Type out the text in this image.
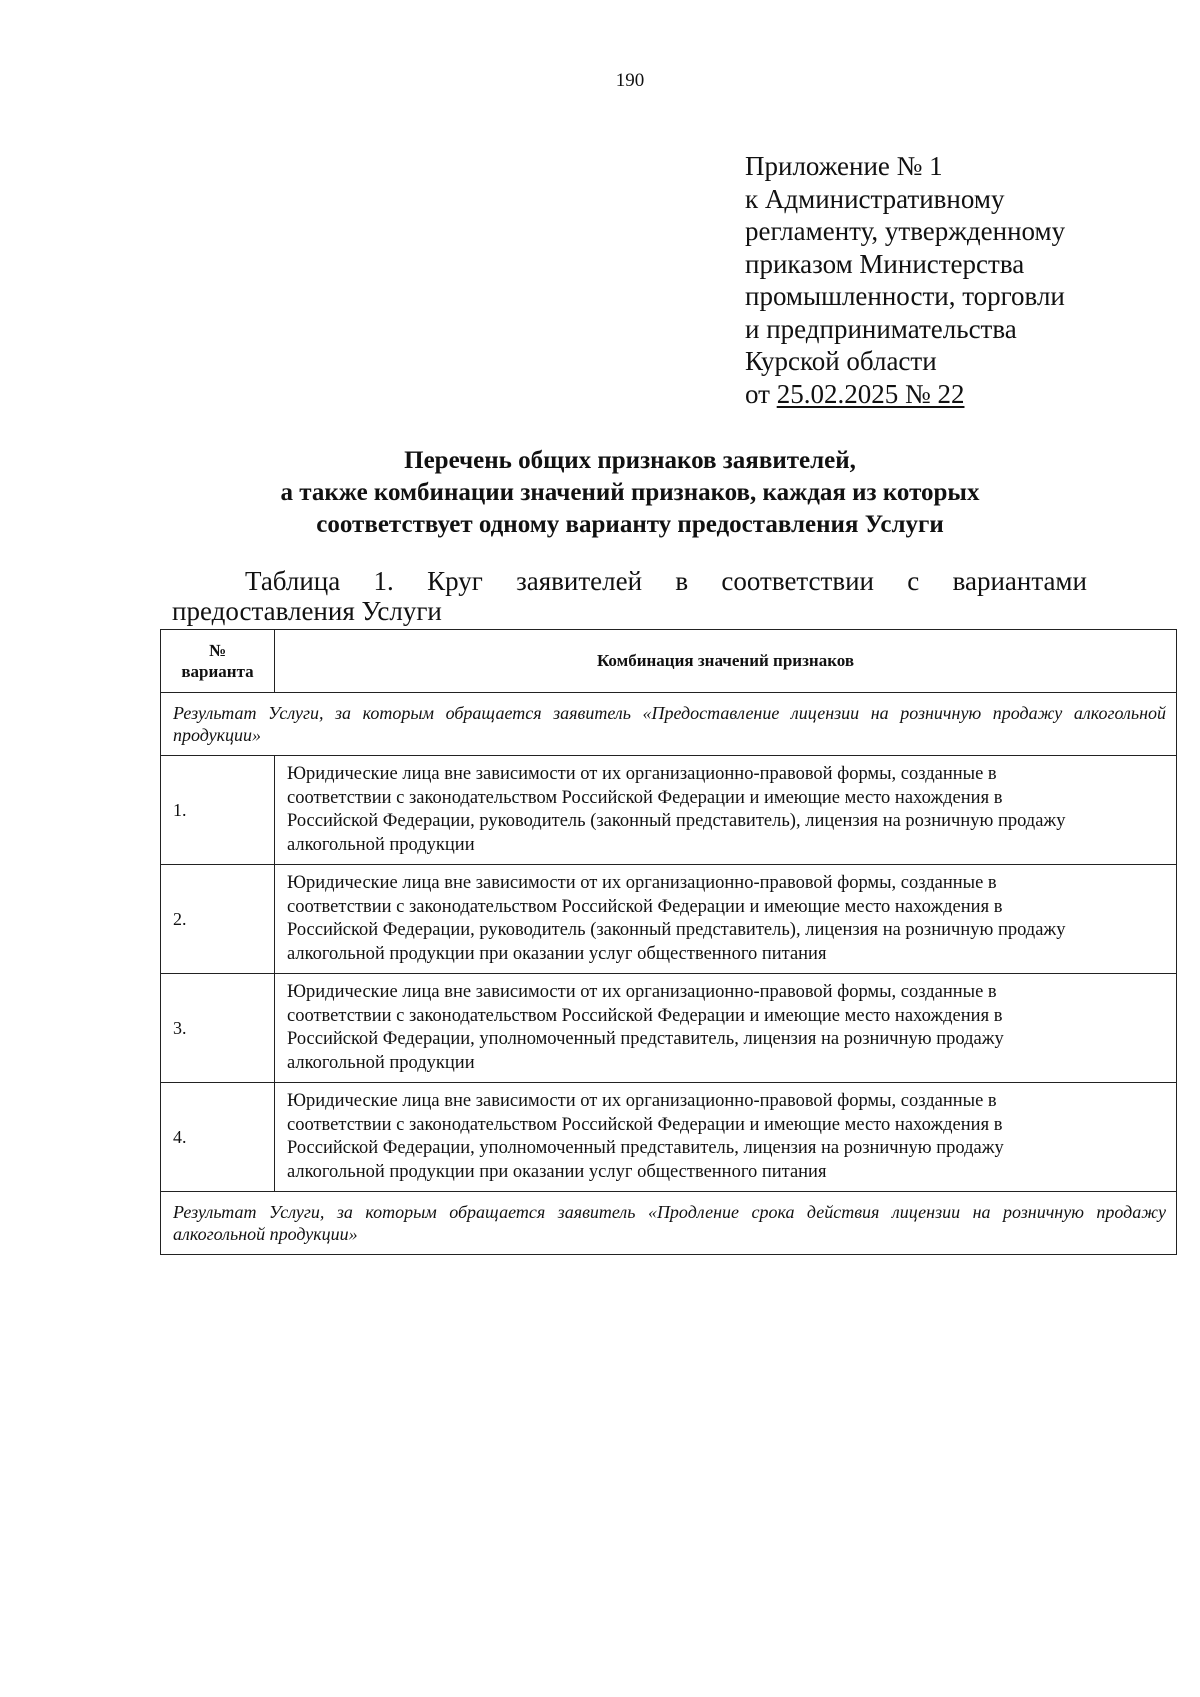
190
Приложение № 1
к Административному
регламенту, утвержденному
приказом Министерства
промышленности, торговли
и предпринимательства
Курской области
от 25.02.2025 № 22
Перечень общих признаков заявителей,
а также комбинации значений признаков, каждая из которых
соответствует одному варианту предоставления Услуги
Таблица 1. Круг заявителей в соответствии с вариантами
предоставления Услуги
№
варианта	Комбинация значений признаков
Результат Услуги, за которым обращается заявитель «Предоставление лицензии на розничную продажу алкогольной продукции»	
1.	Юридические лица вне зависимости от их организационно-правовой формы, созданные в
соответствии с законодательством Российской Федерации и имеющие место нахождения в
Российской Федерации, руководитель (законный представитель), лицензия на розничную продажу
алкогольной продукции

2.	Юридические лица вне зависимости от их организационно-правовой формы, созданные в
соответствии с законодательством Российской Федерации и имеющие место нахождения в
Российской Федерации, руководитель (законный представитель), лицензия на розничную продажу
алкогольной продукции при оказании услуг общественного питания

3.	Юридические лица вне зависимости от их организационно-правовой формы, созданные в
соответствии с законодательством Российской Федерации и имеющие место нахождения в
Российской Федерации, уполномоченный представитель, лицензия на розничную продажу
алкогольной продукции

4.	Юридические лица вне зависимости от их организационно-правовой формы, созданные в
соответствии с законодательством Российской Федерации и имеющие место нахождения в
Российской Федерации, уполномоченный представитель, лицензия на розничную продажу
алкогольной продукции при оказании услуг общественного питания

Результат Услуги, за которым обращается заявитель «Продление срока действия лицензии на розничную продажу алкогольной продукции»	
